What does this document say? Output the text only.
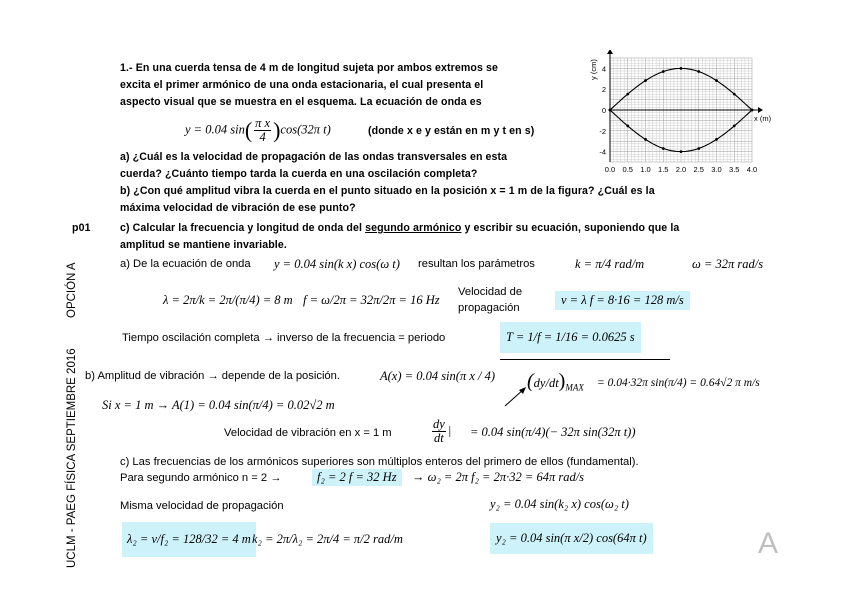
1.- En una cuerda tensa de 4 m de longitud sujeta por ambos extremos se
excita el primer armónico de una onda estacionaria, el cual presenta el
aspecto visual que se muestra en el esquema. La ecuación de onda es
y = 0.04 $\sin( \frac{\text{π x}}{4} )\cos(32\pi$ t)	(donde x e y están en m y t en s)
a) ¿Cuál es la velocidad de propagación de las ondas transversales en esta
cuerda? ¿Cuánto tiempo tarda la cuerda en una oscilación completa?
b) ¿Con qué amplitud vibra la cuerda en el punto situado en la posición x = 1 m de la figura? ¿Cuál es la
máxima velocidad de vibración de ese punto?
p01	c) Calcular la frecuencia y longitud de onda del segundo armónico y escribir su ecuación, suponiendo que la
amplitud se mantiene invariable.
0.0 0.5 1.0 1.5 2.0 2.5 3.0 3.5 4.0
4
2
0
-2
-4
x (m)
y (cm)
OPCIÓN A
UCLM - PAEG FÍSICA SEPTIEMBRE 2016	A
a) De la ecuación de onda y = 0.04 sin(k x) cos(ω t) resultan los parámetros	k = π/4 rad/m	ω = 32π rad/s
λ = 2π/k = 2π/(π/4) = 8 m f = ω/2π = 32π/2π = 16 Hz
Velocidad de
propagación
v = λ f = 8·16 = 128 m/s
Tiempo oscilación completa → inverso de la frecuencia = periodo	T = 1/f = 1/16 = 0.0625 s
b) Amplitud de vibración → depende de la posición.	A(x) = 0.04 sin(π x / 4) $(dy/dt)_{MAX} = 0.04\cdot 32\pi$ sin(π/4) = 0.64√2 π m/s
Si x = 1 m → A(1) = 0.04 sin(π/4) = 0.02√2 m
Velocidad de vibración en x = 1 m	$\frac{dy}{dt}$ | = 0.04 sin(π/4)(− 32π sin(32π t))
c) Las frecuencias de los armónicos superiores son múltiplos enteros del primero de ellos (fundamental).
Para segundo armónico n = 2 →	f₂ = 2 f = 32 Hz	→ ω₂ = 2π f₂ = 2π·32 = 64π rad/s
Misma velocidad de propagación	y₂ = 0.04 sin(k₂ x) cos(ω₂ t)
λ₂ = v/f₂ = 128/32 = 4 m k₂ = 2π/λ₂ = 2π/4 = π/2 rad/m	y₂ = 0.04 sin(π x/2) cos(64π t)
